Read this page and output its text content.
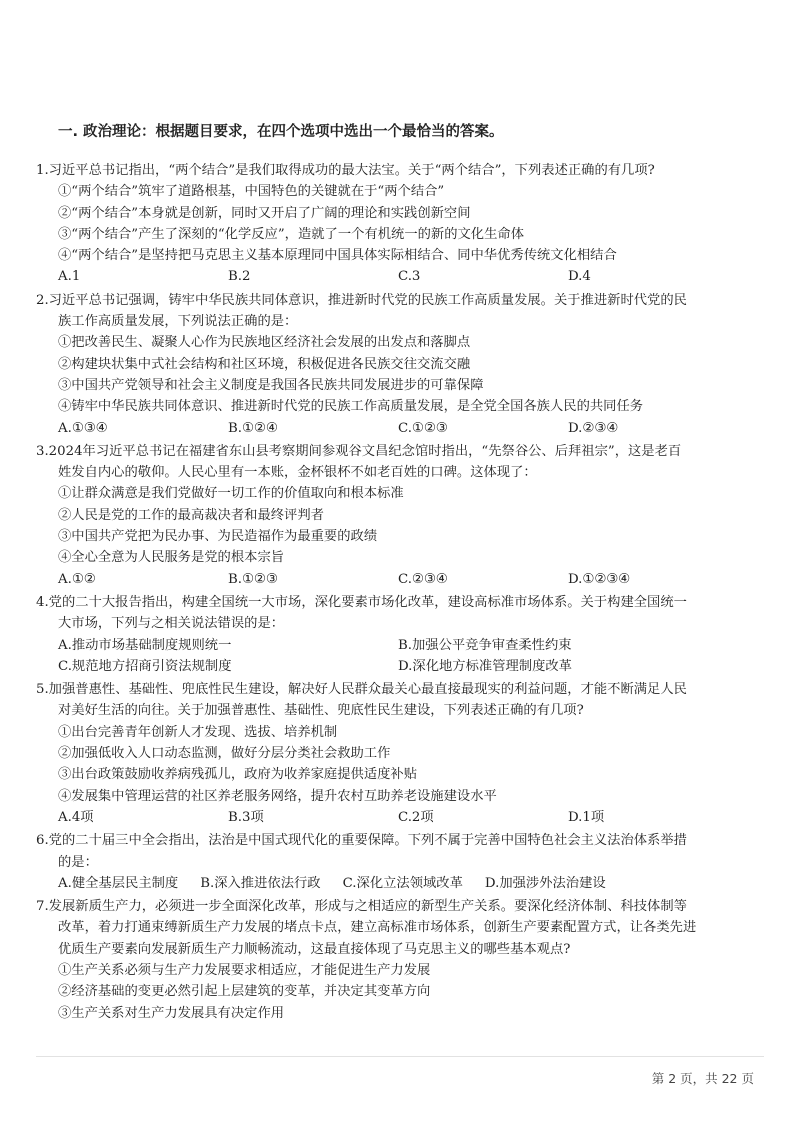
一. 政治理论：根据题目要求，在四个选项中选出一个最恰当的答案。
1.习近平总书记指出，“两个结合”是我们取得成功的最大法宝。关于“两个结合”，下列表述正确的有几项?
①“两个结合”筑牢了道路根基，中国特色的关键就在于“两个结合”
②“两个结合”本身就是创新，同时又开启了广阔的理论和实践创新空间
③“两个结合”产生了深刻的“化学反应”，造就了一个有机统一的新的文化生命体
④“两个结合”是坚持把马克思主义基本原理同中国具体实际相结合、同中华优秀传统文化相结合
A.1	B.2	C.3	D.4
2.习近平总书记强调，铸牢中华民族共同体意识，推进新时代党的民族工作高质量发展。关于推进新时代党的民
族工作高质量发展，下列说法正确的是：
①把改善民生、凝聚人心作为民族地区经济社会发展的出发点和落脚点
②构建块状集中式社会结构和社区环境，积极促进各民族交往交流交融
③中国共产党领导和社会主义制度是我国各民族共同发展进步的可靠保障
④铸牢中华民族共同体意识、推进新时代党的民族工作高质量发展，是全党全国各族人民的共同任务
A.①③④	B.①②④	C.①②③	D.②③④
3.2024年习近平总书记在福建省东山县考察期间参观谷文昌纪念馆时指出，“先祭谷公、后拜祖宗”，这是老百
姓发自内心的敬仰。人民心里有一本账，金杯银杯不如老百姓的口碑。这体现了：
①让群众满意是我们党做好一切工作的价值取向和根本标准
②人民是党的工作的最高裁决者和最终评判者
③中国共产党把为民办事、为民造福作为最重要的政绩
④全心全意为人民服务是党的根本宗旨
A.①②	B.①②③	C.②③④	D.①②③④
4.党的二十大报告指出，构建全国统一大市场，深化要素市场化改革，建设高标准市场体系。关于构建全国统一
大市场，下列与之相关说法错误的是：
A.推动市场基础制度规则统一	B.加强公平竞争审查柔性约束
C.规范地方招商引资法规制度	D.深化地方标准管理制度改革
5.加强普惠性、基础性、兜底性民生建设，解决好人民群众最关心最直接最现实的利益问题，才能不断满足人民
对美好生活的向往。关于加强普惠性、基础性、兜底性民生建设，下列表述正确的有几项?
①出台完善青年创新人才发现、选拔、培养机制
②加强低收入人口动态监测，做好分层分类社会救助工作
③出台政策鼓励收养病残孤儿，政府为收养家庭提供适度补贴
④发展集中管理运营的社区养老服务网络，提升农村互助养老设施建设水平
A.4项	B.3项	C.2项	D.1项
6.党的二十届三中全会指出，法治是中国式现代化的重要保障。下列不属于完善中国特色社会主义法治体系举措
的是：
A.健全基层民主制度 B.深入推进依法行政 C.深化立法领域改革 D.加强涉外法治建设
7.发展新质生产力，必须进一步全面深化改革，形成与之相适应的新型生产关系。要深化经济体制、科技体制等
改革，着力打通束缚新质生产力发展的堵点卡点，建立高标准市场体系，创新生产要素配置方式，让各类先进
优质生产要素向发展新质生产力顺畅流动，这最直接体现了马克思主义的哪些基本观点?
①生产关系必须与生产力发展要求相适应，才能促进生产力发展
②经济基础的变更必然引起上层建筑的变革，并决定其变革方向
③生产关系对生产力发展具有决定作用
第 2 页，共 22 页
